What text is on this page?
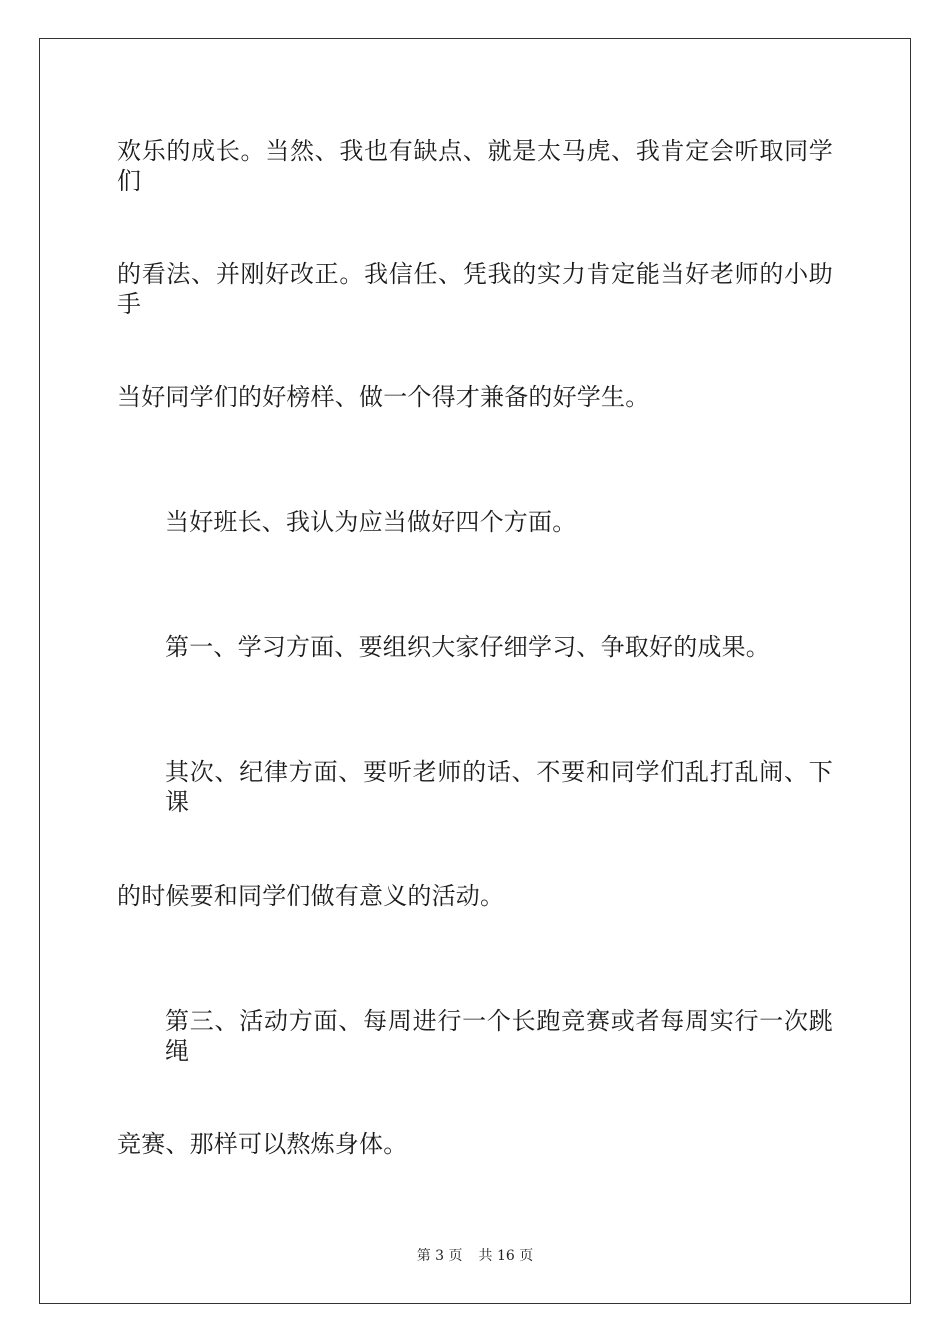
欢乐的成长。当然、我也有缺点、就是太马虎、我肯定会听取同学们
的看法、并刚好改正。我信任、凭我的实力肯定能当好老师的小助手
当好同学们的好榜样、做一个得才兼备的好学生。
当好班长、我认为应当做好四个方面。
第一、学习方面、要组织大家仔细学习、争取好的成果。
其次、纪律方面、要听老师的话、不要和同学们乱打乱闹、下课
的时候要和同学们做有意义的活动。
第三、活动方面、每周进行一个长跑竞赛或者每周实行一次跳绳
竞赛、那样可以熬炼身体。
第 3 页 共 16 页
